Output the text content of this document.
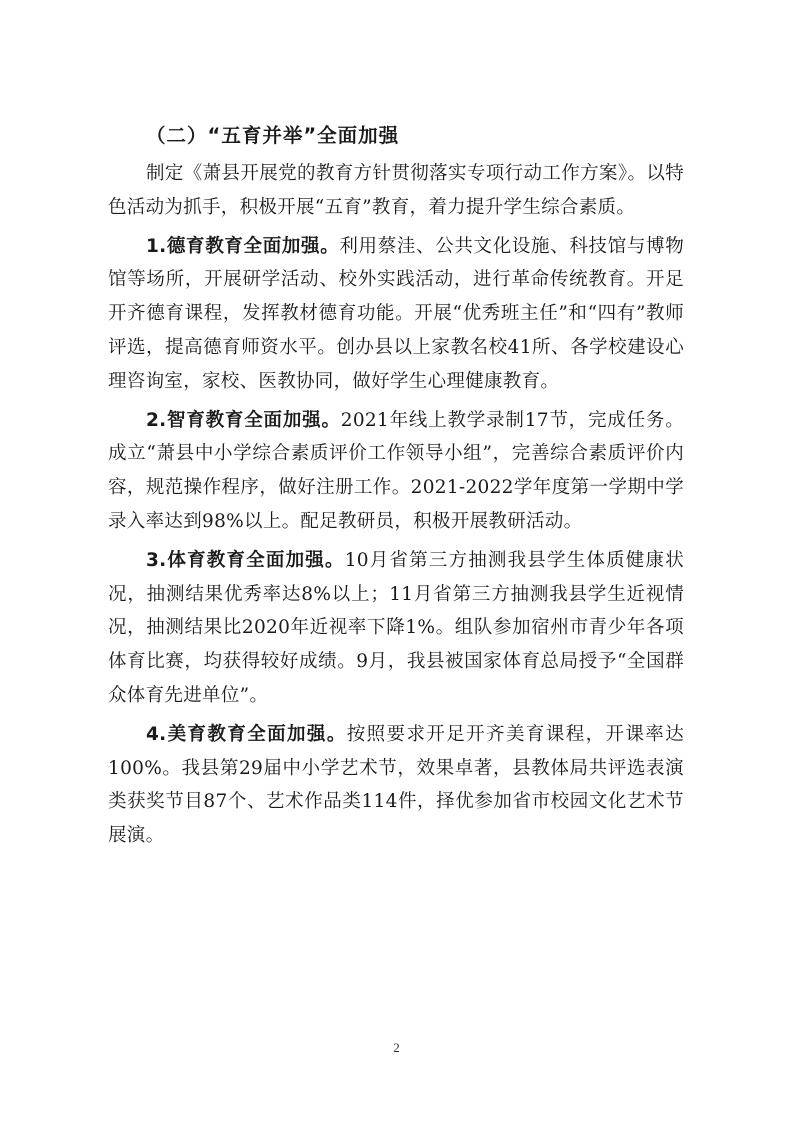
（二）“五育并举”全面加强

制定《萧县开展党的教育方针贯彻落实专项行动工作方案》。以特色活动为抓手，积极开展“五育”教育，着力提升学生综合素质。

1.德育教育全面加强。利用蔡洼、公共文化设施、科技馆与博物馆等场所，开展研学活动、校外实践活动，进行革命传统教育。开足开齐德育课程，发挥教材德育功能。开展“优秀班主任”和“四有”教师评选，提高德育师资水平。创办县以上家教名校41所、各学校建设心理咨询室，家校、医教协同，做好学生心理健康教育。

2.智育教育全面加强。2021年线上教学录制17节，完成任务。成立“萧县中小学综合素质评价工作领导小组”，完善综合素质评价内容，规范操作程序，做好注册工作。2021-2022学年度第一学期中学录入率达到98%以上。配足教研员，积极开展教研活动。

3.体育教育全面加强。10月省第三方抽测我县学生体质健康状况，抽测结果优秀率达8%以上；11月省第三方抽测我县学生近视情况，抽测结果比2020年近视率下降1%。组队参加宿州市青少年各项体育比赛，均获得较好成绩。9月，我县被国家体育总局授予“全国群众体育先进单位”。

4.美育教育全面加强。按照要求开足开齐美育课程，开课率达100%。我县第29届中小学艺术节，效果卓著，县教体局共评选表演类获奖节目87个、艺术作品类114件，择优参加省市校园文化艺术节展演。

2
